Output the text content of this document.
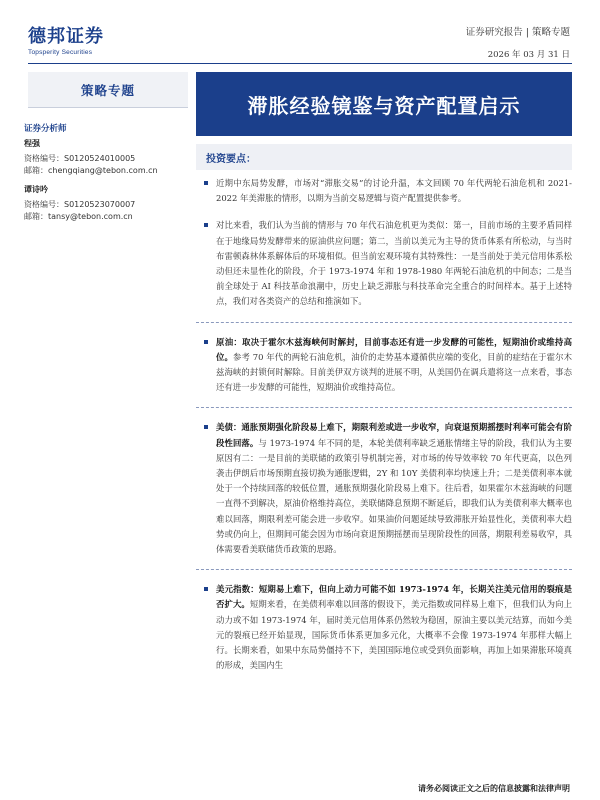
德邦证券
Topsperity Securities
证券研究报告 | 策略专题
2026 年 03 月 31 日
策略专题
证券分析师
程强
资格编号：S0120524010005
邮箱：chengqiang@tebon.com.cn
谭诗吟
资格编号：S0120523070007
邮箱：tansy@tebon.com.cn
滞胀经验镜鉴与资产配置启示
投资要点：

近期中东局势发酵，市场对“滞胀交易”的讨论升温，本文回顾 70 年代两轮石油危机和 2021-2022 年美滞胀的情形，以期为当前交易逻辑与资产配置提供参考。

对比来看，我们认为当前的情形与 70 年代石油危机更为类似：第一，目前市场的主要矛盾同样在于地缘局势发酵带来的原油供应问题；第二，当前以美元为主导的货币体系有所松动，与当时布雷顿森林体系解体后的环境相似。但当前宏观环境有其特殊性：一是当前处于美元信用体系松动但还未显性化的阶段，介于 1973-1974 年和 1978-1980 年两轮石油危机的中间态；二是当前全球处于 AI 科技革命浪潮中，历史上缺乏滞胀与科技革命完全重合的时间样本。基于上述特点，我们对各类资产的总结和推演如下。

原油：取决于霍尔木兹海峡何时解封，目前事态还有进一步发酵的可能性，短期油价或维持高位。参考 70 年代的两轮石油危机，油价的走势基本遵循供应端的变化，目前的症结在于霍尔木兹海峡的封锁何时解除。目前美伊双方谈判的进展不明，从美国仍在调兵遣将这一点来看，事态还有进一步发酵的可能性，短期油价或维持高位。

美债：通胀预期强化阶段易上难下，期限利差或进一步收窄，向衰退预期摇摆时利率可能会有阶段性回落。与 1973-1974 年不同的是，本轮美债利率缺乏通胀情绪主导的阶段，我们认为主要原因有二：一是目前的美联储的政策引导机制完善，对市场的传导效率较 70 年代更高，以色列袭击伊朗后市场预期直接切换为通胀逻辑，2Y 和 10Y 美债利率均快速上升；二是美债利率本就处于一个持续回落的较低位置，通胀预期强化阶段易上难下。往后看，如果霍尔木兹海峡的问题一直得不到解决，原油价格维持高位，美联储降息预期不断延后，即我们认为美债利率大概率也难以回落，期限利差可能会进一步收窄。如果油价问题延续导致滞胀开始显性化，美债利率大趋势或仍向上，但期间可能会因为市场向衰退预期摇摆而呈现阶段性的回落，期限利差易收窄，具体需要看美联储货币政策的思路。

美元指数：短期易上难下，但向上动力可能不如 1973-1974 年，长期关注美元信用的裂痕是否扩大。短期来看，在美债利率难以回落的假设下，美元指数或同样易上难下，但我们认为向上动力或不如 1973-1974 年，届时美元信用体系仍然较为稳固，原油主要以美元结算，而如今美元的裂痕已经开始显现，国际货币体系更加多元化，大概率不会像 1973-1974 年那样大幅上行。长期来看，如果中东局势僵持不下，美国国际地位或受到负面影响，再加上如果滞胀环境真的形成，美国内生

请务必阅读正文之后的信息披露和法律声明
